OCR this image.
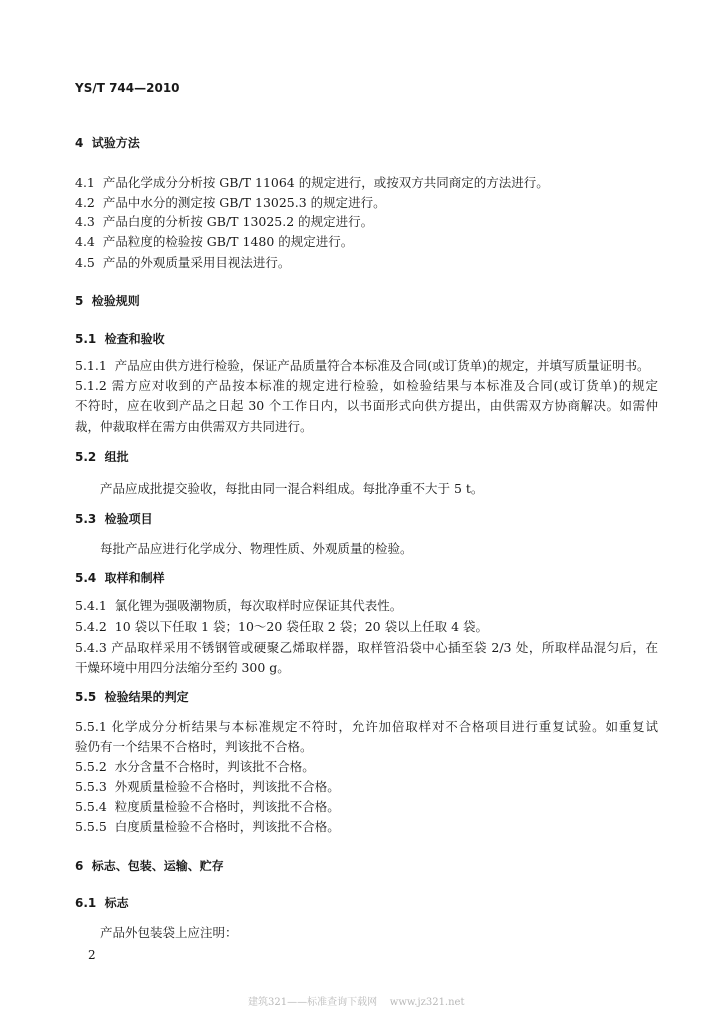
YS/T 744—2010
4  试验方法
4.1  产品化学成分分析按 GB/T 11064 的规定进行，或按双方共同商定的方法进行。
4.2  产品中水分的测定按 GB/T 13025.3 的规定进行。
4.3  产品白度的分析按 GB/T 13025.2 的规定进行。
4.4  产品粒度的检验按 GB/T 1480 的规定进行。
4.5  产品的外观质量采用目视法进行。
5  检验规则
5.1  检查和验收
5.1.1  产品应由供方进行检验，保证产品质量符合本标准及合同(或订货单)的规定，并填写质量证明书。
5.1.2 需方应对收到的产品按本标准的规定进行检验，如检验结果与本标准及合同(或订货单)的规定
不符时，应在收到产品之日起 30 个工作日内，以书面形式向供方提出，由供需双方协商解决。如需仲
裁，仲裁取样在需方由供需双方共同进行。
5.2  组批
产品应成批提交验收，每批由同一混合料组成。每批净重不大于 5 t。
5.3  检验项目
每批产品应进行化学成分、物理性质、外观质量的检验。
5.4  取样和制样
5.4.1  氯化锂为强吸潮物质，每次取样时应保证其代表性。
5.4.2  10 袋以下任取 1 袋；10～20 袋任取 2 袋；20 袋以上任取 4 袋。
5.4.3 产品取样采用不锈钢管或硬聚乙烯取样器，取样管沿袋中心插至袋 2/3 处，所取样品混匀后，在
干燥环境中用四分法缩分至约 300 g。
5.5  检验结果的判定
5.5.1 化学成分分析结果与本标准规定不符时，允许加倍取样对不合格项目进行重复试验。如重复试
验仍有一个结果不合格时，判该批不合格。
5.5.2  水分含量不合格时，判该批不合格。
5.5.3  外观质量检验不合格时，判该批不合格。
5.5.4  粒度质量检验不合格时，判该批不合格。
5.5.5  白度质量检验不合格时，判该批不合格。
6  标志、包装、运输、贮存
6.1  标志
产品外包装袋上应注明：
2
建筑321——标准查询下载网    www.jz321.net
